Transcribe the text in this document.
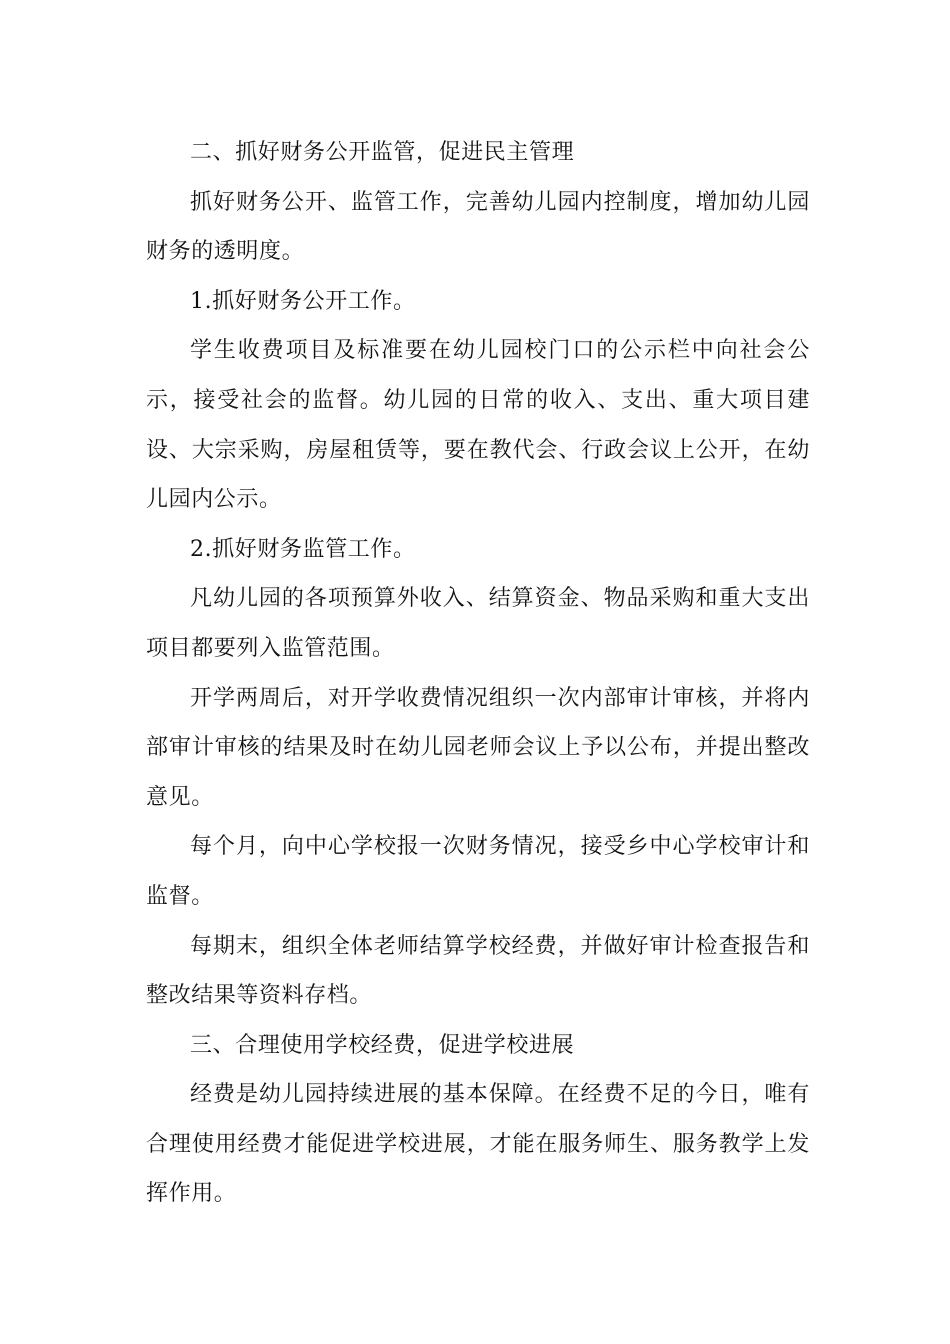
二、抓好财务公开监管，促进民主管理

抓好财务公开、监管工作，完善幼儿园内控制度，增加幼儿园财务的透明度。

1.抓好财务公开工作。

学生收费项目及标准要在幼儿园校门口的公示栏中向社会公示，接受社会的监督。幼儿园的日常的收入、支出、重大项目建设、大宗采购，房屋租赁等，要在教代会、行政会议上公开，在幼儿园内公示。

2.抓好财务监管工作。

凡幼儿园的各项预算外收入、结算资金、物品采购和重大支出项目都要列入监管范围。

开学两周后，对开学收费情况组织一次内部审计审核，并将内部审计审核的结果及时在幼儿园老师会议上予以公布，并提出整改意见。

每个月，向中心学校报一次财务情况，接受乡中心学校审计和监督。

每期末，组织全体老师结算学校经费，并做好审计检查报告和整改结果等资料存档。

三、合理使用学校经费，促进学校进展

经费是幼儿园持续进展的基本保障。在经费不足的今日，唯有合理使用经费才能促进学校进展，才能在服务师生、服务教学上发挥作用。
